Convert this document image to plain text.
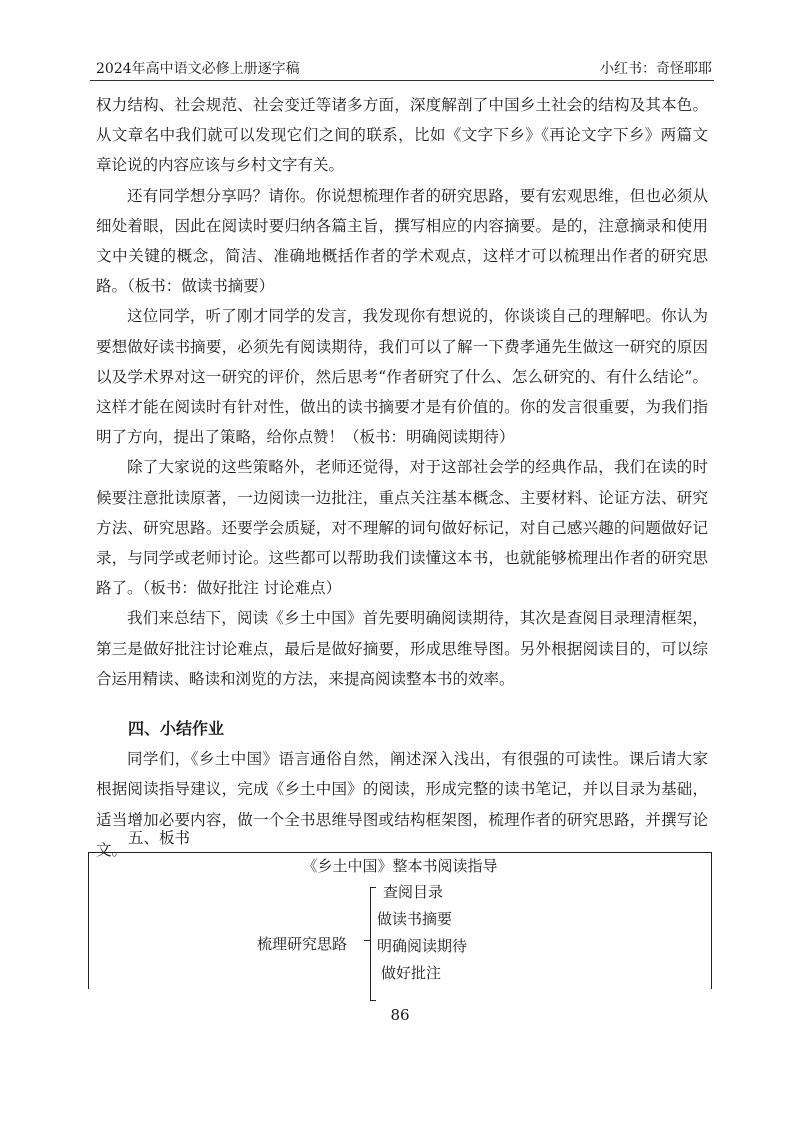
2024年高中语文必修上册逐字稿	小红书：奇怪耶耶

权力结构、社会规范、社会变迁等诸多方面，深度解剖了中国乡土社会的结构及其本色。从文章名中我们就可以发现它们之间的联系，比如《文字下乡》《再论文字下乡》两篇文章论说的内容应该与乡村文字有关。

还有同学想分享吗？请你。你说想梳理作者的研究思路，要有宏观思维，但也必须从细处着眼，因此在阅读时要归纳各篇主旨，撰写相应的内容摘要。是的，注意摘录和使用文中关键的概念，简洁、准确地概括作者的学术观点，这样才可以梳理出作者的研究思路。（板书：做读书摘要）

这位同学，听了刚才同学的发言，我发现你有想说的，你谈谈自己的理解吧。你认为要想做好读书摘要，必须先有阅读期待，我们可以了解一下费孝通先生做这一研究的原因以及学术界对这一研究的评价，然后思考“作者研究了什么、怎么研究的、有什么结论”。这样才能在阅读时有针对性，做出的读书摘要才是有价值的。你的发言很重要，为我们指明了方向，提出了策略，给你点赞！（板书：明确阅读期待）

除了大家说的这些策略外，老师还觉得，对于这部社会学的经典作品，我们在读的时候要注意批读原著，一边阅读一边批注，重点关注基本概念、主要材料、论证方法、研究方法、研究思路。还要学会质疑，对不理解的词句做好标记，对自己感兴趣的问题做好记录，与同学或老师讨论。这些都可以帮助我们读懂这本书，也就能够梳理出作者的研究思路了。（板书：做好批注 讨论难点）

我们来总结下，阅读《乡土中国》首先要明确阅读期待，其次是查阅目录理清框架，第三是做好批注讨论难点，最后是做好摘要，形成思维导图。另外根据阅读目的，可以综合运用精读、略读和浏览的方法，来提高阅读整本书的效率。

四、小结作业

同学们，《乡土中国》语言通俗自然，阐述深入浅出，有很强的可读性。课后请大家根据阅读指导建议，完成《乡土中国》的阅读，形成完整的读书笔记，并以目录为基础，适当增加必要内容，做一个全书思维导图或结构框架图，梳理作者的研究思路，并撰写论文。

五、板书
《乡土中国》整本书阅读指导
梳理研究思路
查阅目录
做读书摘要
明确阅读期待
做好批注
86
